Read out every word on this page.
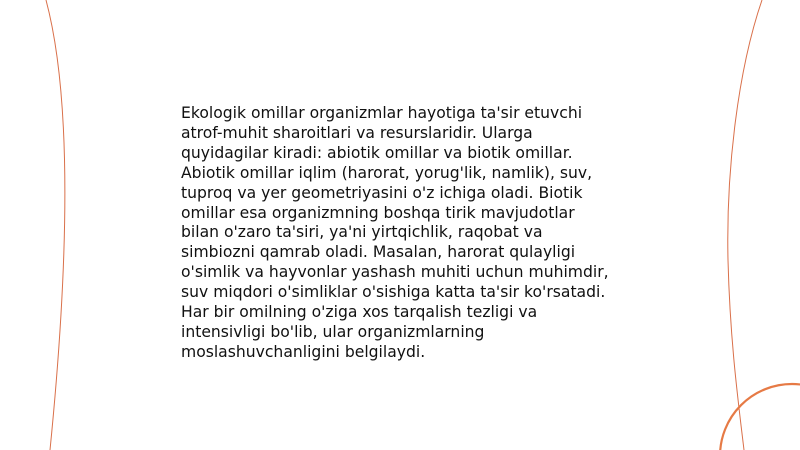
Ekologik omillar organizmlar hayotiga ta'sir etuvchi
atrof-muhit sharoitlari va resurslaridir. Ularga
quyidagilar kiradi: abiotik omillar va biotik omillar.
Abiotik omillar iqlim (harorat, yorug'lik, namlik), suv,
tuproq va yer geometriyasini o'z ichiga oladi. Biotik
omillar esa organizmning boshqa tirik mavjudotlar
bilan o'zaro ta'siri, ya'ni yirtqichlik, raqobat va
simbiozni qamrab oladi. Masalan, harorat qulayligi
o'simlik va hayvonlar yashash muhiti uchun muhimdir,
suv miqdori o'simliklar o'sishiga katta ta'sir ko'rsatadi.
Har bir omilning o'ziga xos tarqalish tezligi va
intensivligi bo'lib, ular organizmlarning
moslashuvchanligini belgilaydi.
